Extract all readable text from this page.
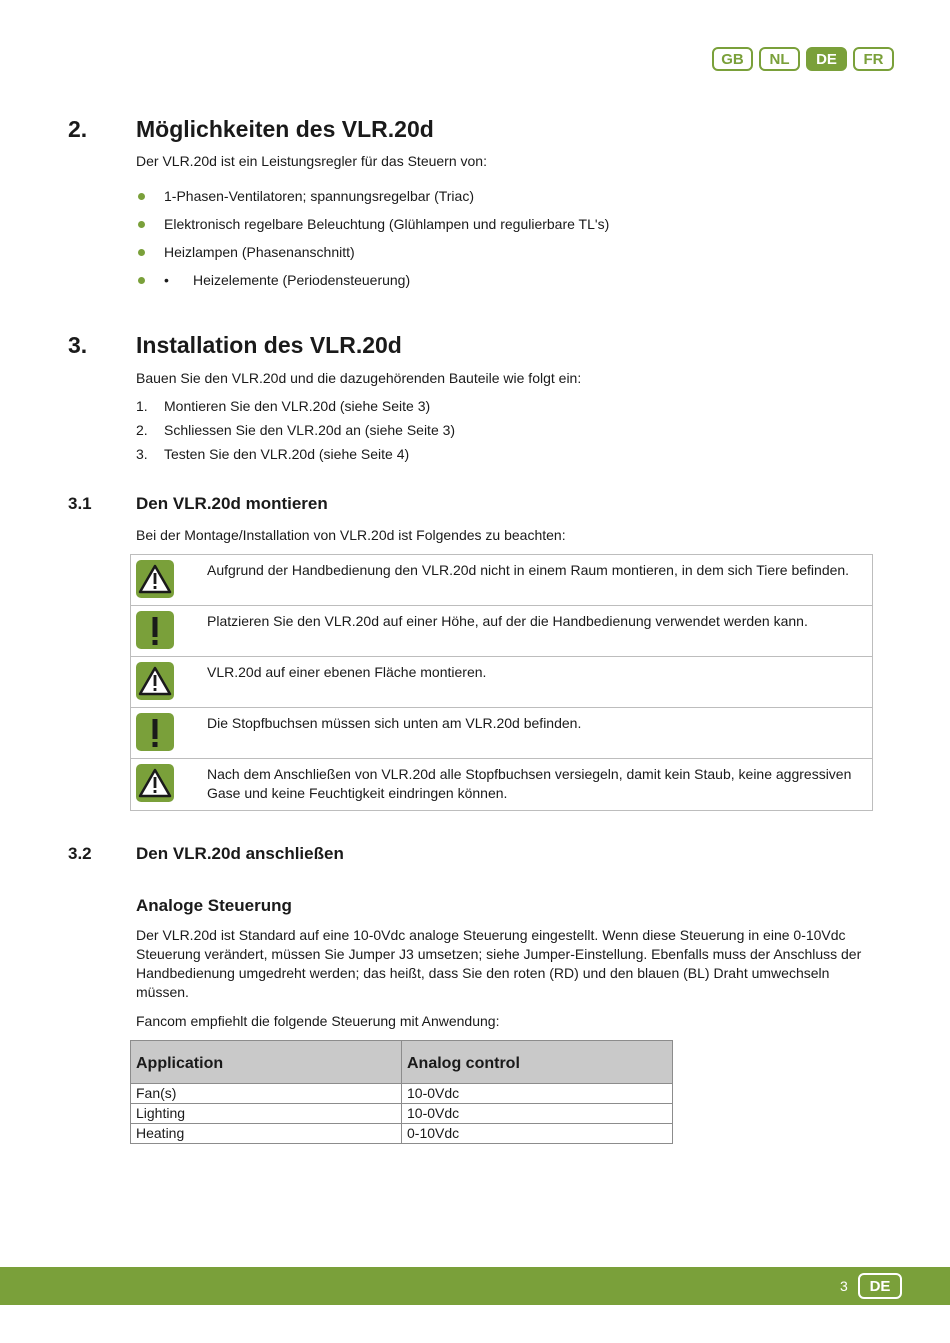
GB	NL	DE	FR
2. Möglichkeiten des VLR.20d
Der VLR.20d ist ein Leistungsregler für das Steuern von:
1-Phasen-Ventilatoren; spannungsregelbar (Triac)
Elektronisch regelbare Beleuchtung (Glühlampen und regulierbare TL's)
Heizlampen (Phasenanschnitt)
• Heizelemente (Periodensteuerung)
3. Installation des VLR.20d
Bauen Sie den VLR.20d und die dazugehörenden Bauteile wie folgt ein:
1. Montieren Sie den VLR.20d (siehe Seite 3)
2. Schliessen Sie den VLR.20d an (siehe Seite 3)
3. Testen Sie den VLR.20d (siehe Seite 4)
3.1	Den VLR.20d montieren
Bei der Montage/Installation von VLR.20d ist Folgendes zu beachten:
Aufgrund der Handbedienung den VLR.20d nicht in einem Raum montieren, in dem sich Tiere befinden.
Platzieren Sie den VLR.20d auf einer Höhe, auf der die Handbedienung verwendet werden kann.
VLR.20d auf einer ebenen Fläche montieren.
Die Stopfbuchsen müssen sich unten am VLR.20d befinden.
Nach dem Anschließen von VLR.20d alle Stopfbuchsen versiegeln, damit kein Staub, keine aggressiven Gase und keine Feuchtigkeit eindringen können.
3.2	Den VLR.20d anschließen
Analoge Steuerung
Der VLR.20d ist Standard auf eine 10-0Vdc analoge Steuerung eingestellt. Wenn diese Steuerung in eine 0-10Vdc Steuerung verändert, müssen Sie Jumper J3 umsetzen; siehe Jumper-Einstellung. Ebenfalls muss der Anschluss der Handbedienung umgedreht werden; das heißt, dass Sie den roten (RD) und den blauen (BL) Draht umwechseln müssen.
Fancom empfiehlt die folgende Steuerung mit Anwendung:
Application	Analog control
Fan(s)	10-0Vdc
Lighting	10-0Vdc
Heating	0-10Vdc
3	DE
